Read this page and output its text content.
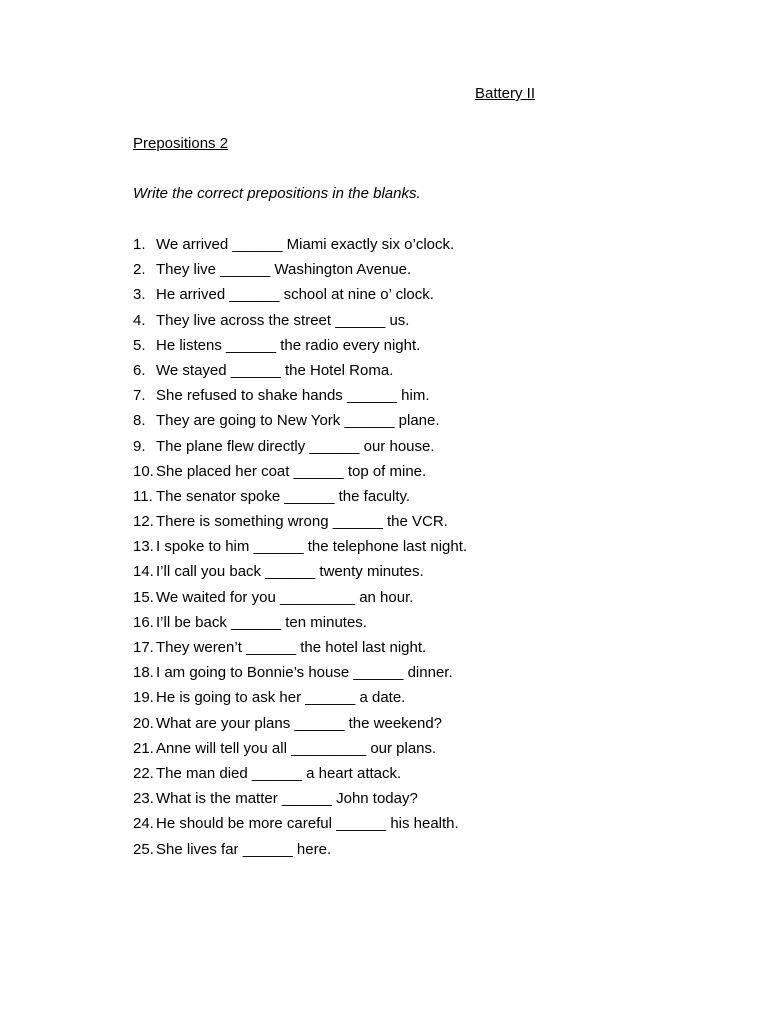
Battery II
Prepositions 2
Write the correct prepositions in the blanks.
1. We arrived ______ Miami exactly six o’clock.
2. They live ______ Washington Avenue.
3. He arrived ______ school at nine o’ clock.
4. They live across the street ______ us.
5. He listens ______ the radio every night.
6. We stayed ______ the Hotel Roma.
7. She refused to shake hands ______ him.
8. They are going to New York ______ plane.
9. The plane flew directly ______ our house.
10. She placed her coat ______ top of mine.
11. The senator spoke ______ the faculty.
12. There is something wrong ______ the VCR.
13. I spoke to him ______ the telephone last night.
14. I’ll call you back ______ twenty minutes.
15. We waited for you _________ an hour.
16. I’ll be back ______ ten minutes.
17. They weren’t ______ the hotel last night.
18. I am going to Bonnie’s house ______ dinner.
19. He is going to ask her ______ a date.
20. What are your plans ______ the weekend?
21. Anne will tell you all _________ our plans.
22. The man died ______ a heart attack.
23. What is the matter ______ John today?
24. He should be more careful ______ his health.
25. She lives far ______ here.
